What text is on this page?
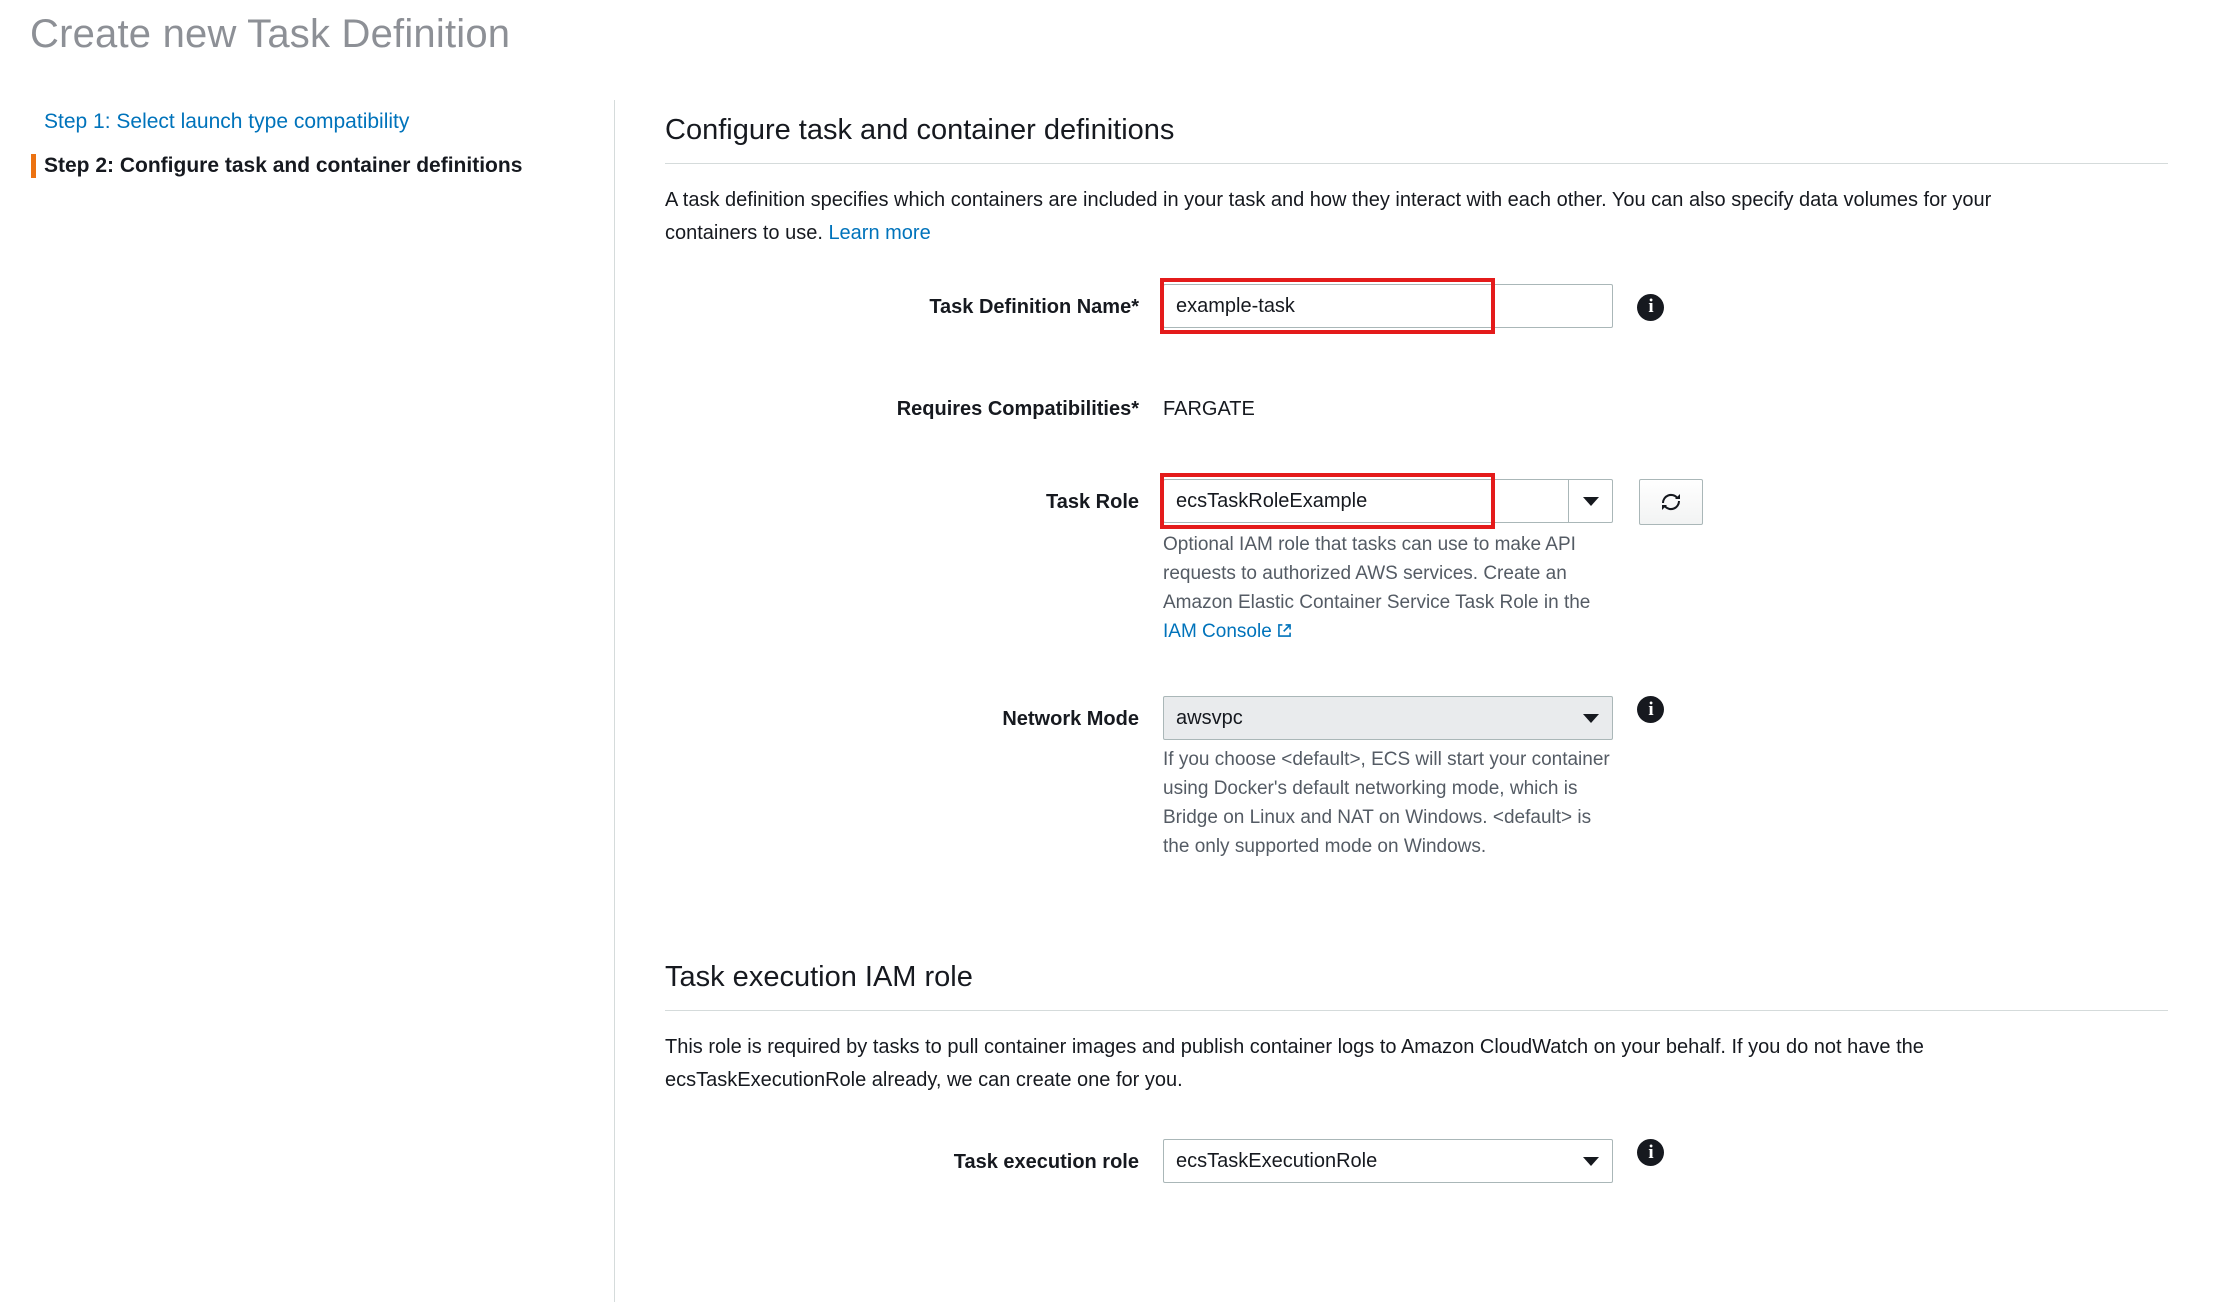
Create new Task Definition
Step 1: Select launch type compatibility
Step 2: Configure task and container definitions
Configure task and container definitions
A task definition specifies which containers are included in your task and how they interact with each other. You can also specify data volumes for your containers to use. Learn more
Task Definition Name*
example-task	i
Requires Compatibilities* FARGATE
Task Role
ecsTaskRoleExample

Optional IAM role that tasks can use to make API requests to authorized AWS services. Create an Amazon Elastic Container Service Task Role in the IAM Console
Network Mode
awsvpc	i
If you choose <default>, ECS will start your container using Docker's default networking mode, which is Bridge on Linux and NAT on Windows. <default> is the only supported mode on Windows.
Task execution IAM role
This role is required by tasks to pull container images and publish container logs to Amazon CloudWatch on your behalf. If you do not have the ecsTaskExecutionRole already, we can create one for you.
Task execution role
ecsTaskExecutionRole	i
